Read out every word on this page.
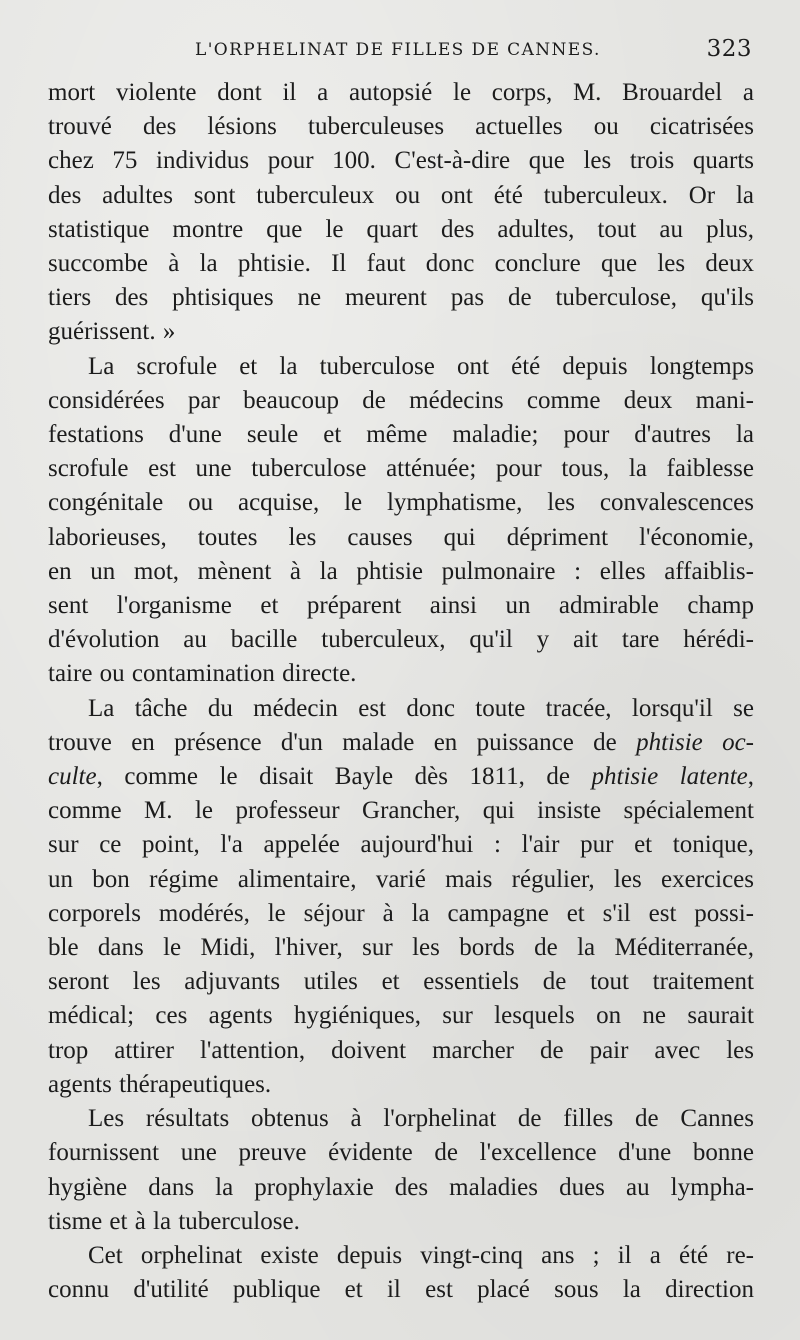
L'ORPHELINAT DE FILLES DE CANNES.	323

mort violente dont il a autopsié le corps, M. Brouardel a
trouvé des lésions tuberculeuses actuelles ou cicatrisées
chez 75 individus pour 100. C'est-à-dire que les trois quarts
des adultes sont tuberculeux ou ont été tuberculeux. Or la
statistique montre que le quart des adultes, tout au plus,
succombe à la phtisie. Il faut donc conclure que les deux
tiers des phtisiques ne meurent pas de tuberculose, qu'ils
guérissent. »

La scrofule et la tuberculose ont été depuis longtemps
considérées par beaucoup de médecins comme deux mani-
festations d'une seule et même maladie; pour d'autres la
scrofule est une tuberculose atténuée; pour tous, la faiblesse
congénitale ou acquise, le lymphatisme, les convalescences
laborieuses, toutes les causes qui dépriment l'économie,
en un mot, mènent à la phtisie pulmonaire : elles affaiblis-
sent l'organisme et préparent ainsi un admirable champ
d'évolution au bacille tuberculeux, qu'il y ait tare hérédi-
taire ou contamination directe.

La tâche du médecin est donc toute tracée, lorsqu'il se
trouve en présence d'un malade en puissance de phtisie oc-
culte, comme le disait Bayle dès 1811, de phtisie latente,
comme M. le professeur Grancher, qui insiste spécialement
sur ce point, l'a appelée aujourd'hui : l'air pur et tonique,
un bon régime alimentaire, varié mais régulier, les exercices
corporels modérés, le séjour à la campagne et s'il est possi-
ble dans le Midi, l'hiver, sur les bords de la Méditerranée,
seront les adjuvants utiles et essentiels de tout traitement
médical; ces agents hygiéniques, sur lesquels on ne saurait
trop attirer l'attention, doivent marcher de pair avec les
agents thérapeutiques.

Les résultats obtenus à l'orphelinat de filles de Cannes
fournissent une preuve évidente de l'excellence d'une bonne
hygiène dans la prophylaxie des maladies dues au lympha-
tisme et à la tuberculose.

Cet orphelinat existe depuis vingt-cinq ans ; il a été re-
connu d'utilité publique et il est placé sous la direction
